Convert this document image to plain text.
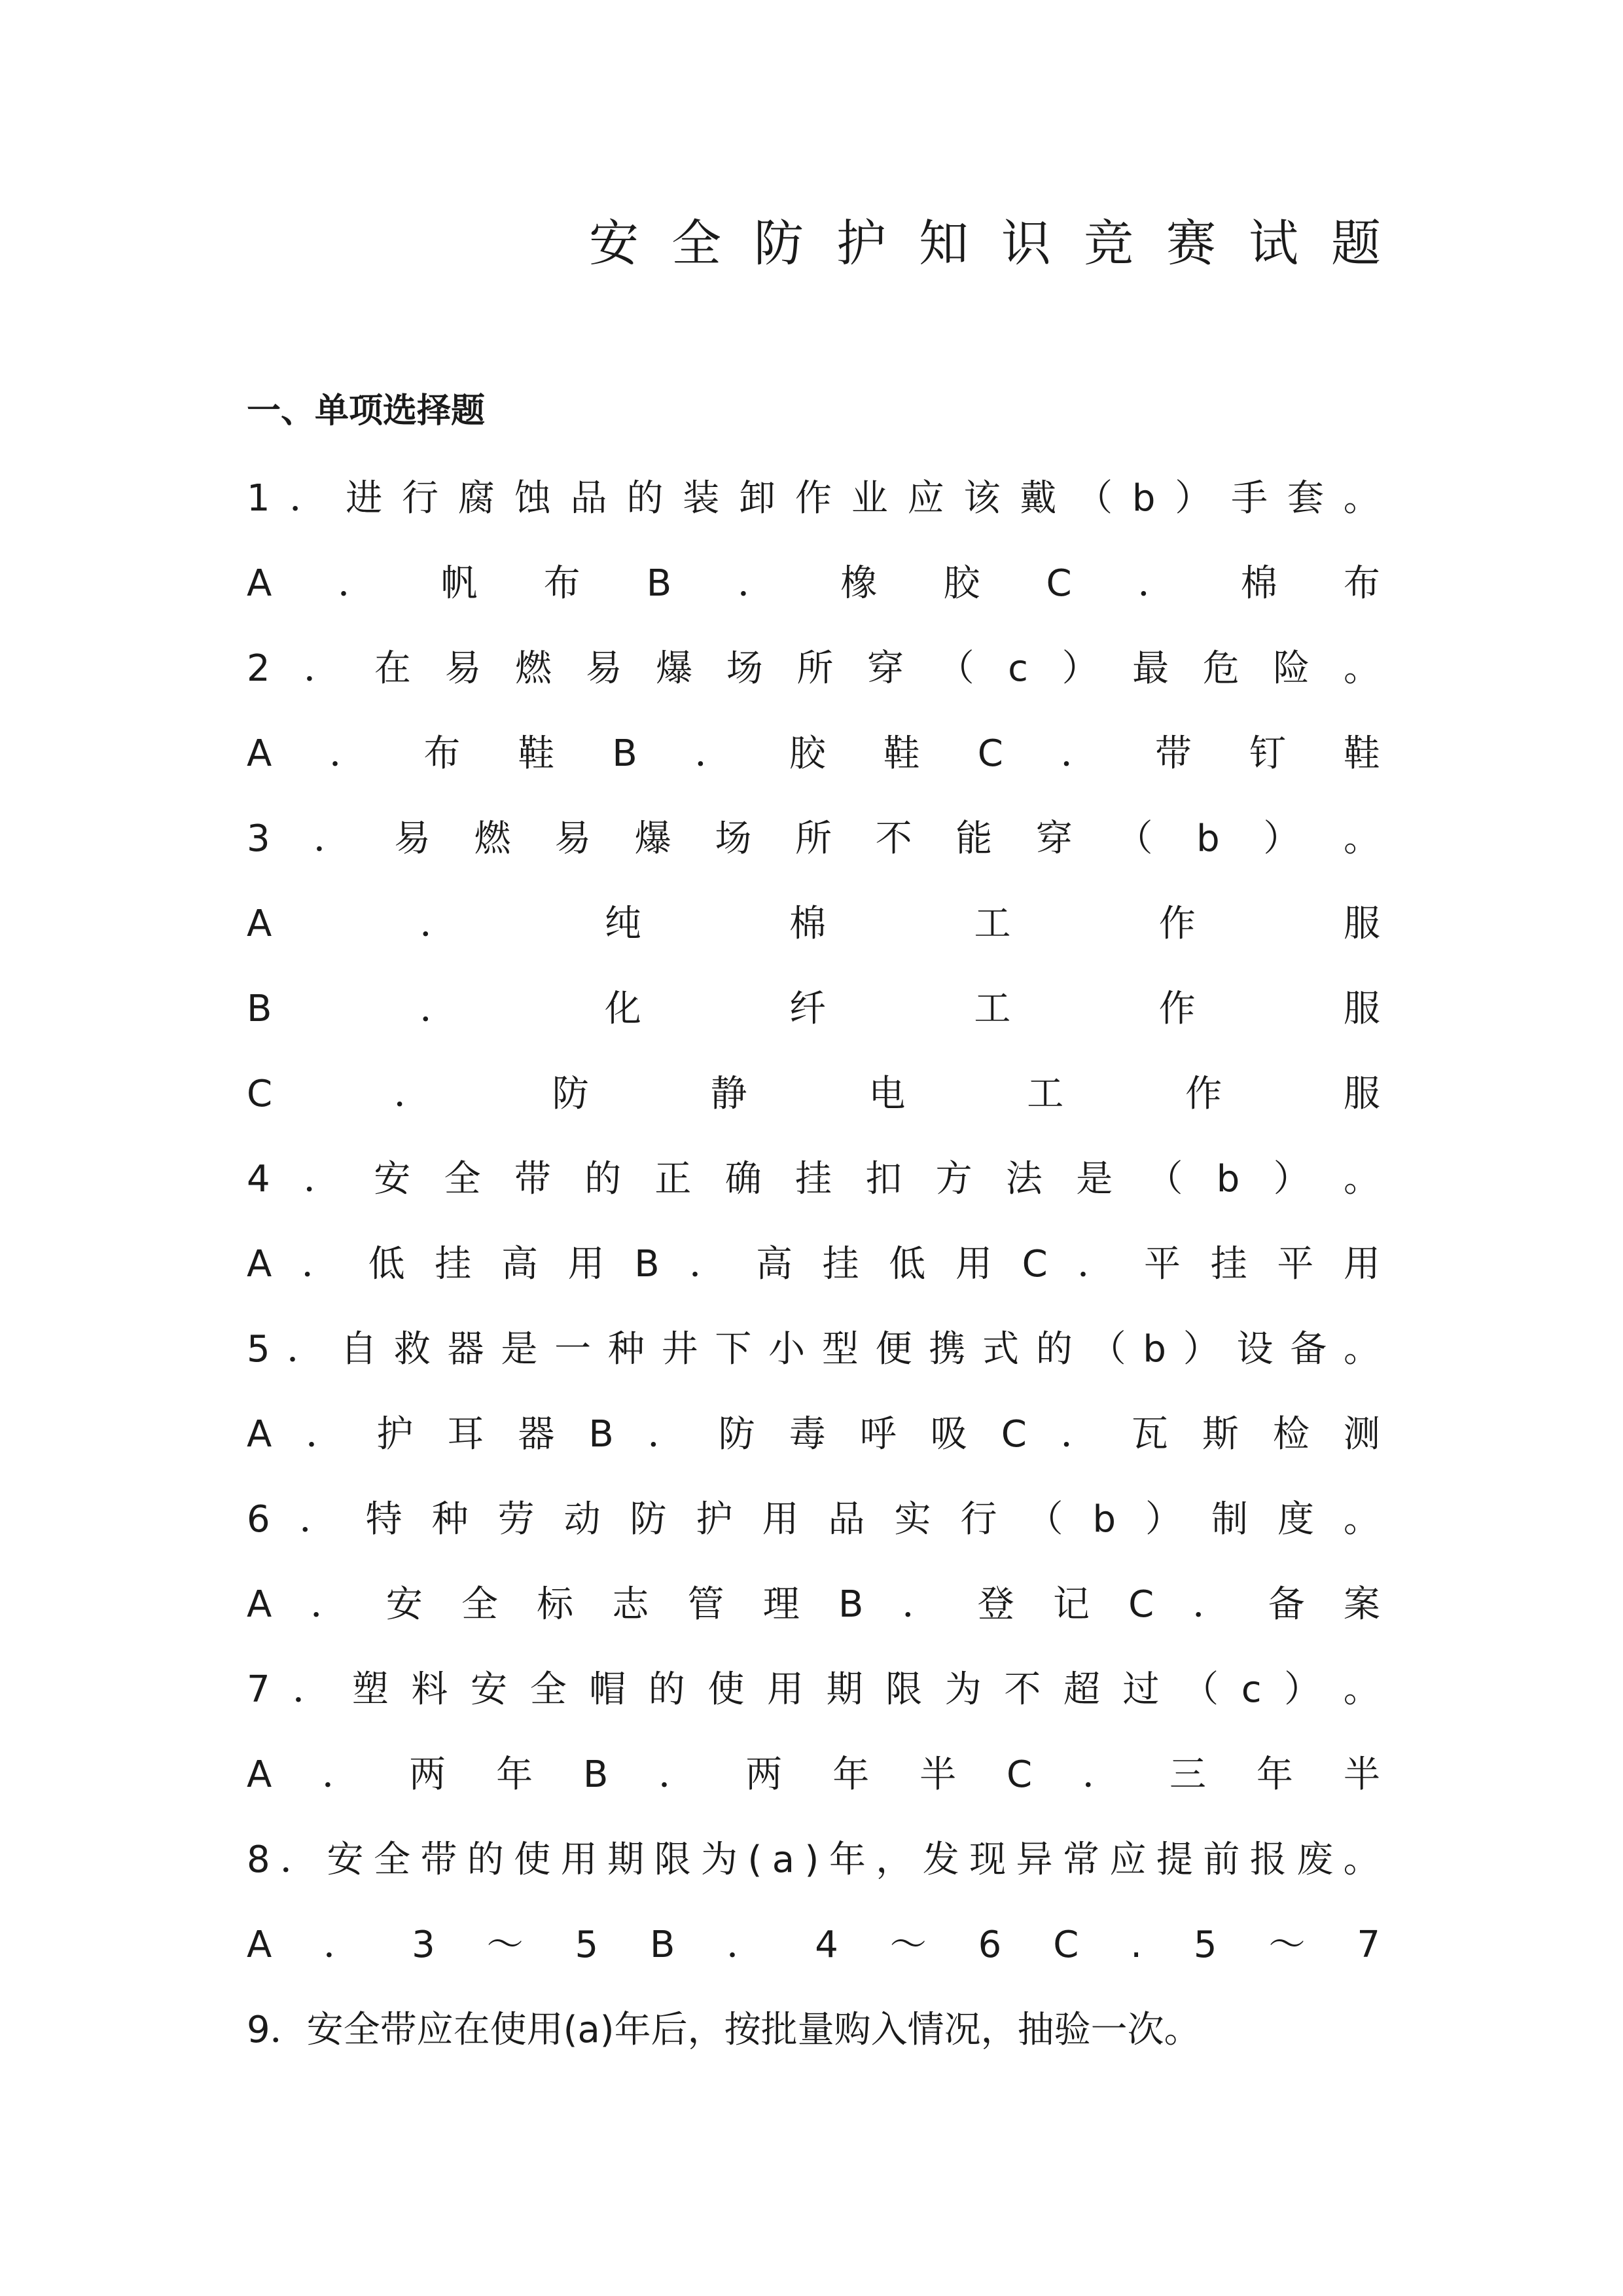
安 全 防 护 知 识 竞 赛 试 题
一、单项选择题
1 ． 进 行 腐 蚀 品 的 装 卸 作 业 应 该 戴 （ b ） 手 套 。
A ． 帆 布 B ． 橡 胶 C ． 棉 布
2 ． 在 易 燃 易 爆 场 所 穿 （ c ） 最 危 险 。
A ． 布 鞋 B ． 胶 鞋 C ． 带 钉 鞋
3 ． 易 燃 易 爆 场 所 不 能 穿 （ b ） 。
A	．	纯	棉	工	作	服
B	．	化	纤	工	作	服
C	．	防	静	电	工	作	服
4 ． 安 全 带 的 正 确 挂 扣 方 法 是 （ b ） 。
A ． 低 挂 高 用 B ． 高 挂 低 用 C ． 平 挂 平 用
5 ． 自 救 器 是 一 种 井 下 小 型 便 携 式 的 （ b ） 设 备 。
A ． 护 耳 器 B ． 防 毒 呼 吸 C ． 瓦 斯 检 测
6 ． 特 种 劳 动 防 护 用 品 实 行 （ b ） 制 度 。
A ． 安 全 标 志 管 理 B ． 登 记 C ． 备 案
7 ． 塑 料 安 全 帽 的 使 用 期 限 为 不 超 过 （ c ） 。
A ． 两 年 B ． 两 年 半 C ． 三 年 半
8 ． 安 全 带 的 使 用 期 限 为 ( a ) 年 ， 发 现 异 常 应 提 前 报 废 。
A ． 3 ～ 5 B ． 4 ～ 6 C . 5 ～ 7
9．安全带应在使用(a)年后，按批量购入情况，抽验一次。
